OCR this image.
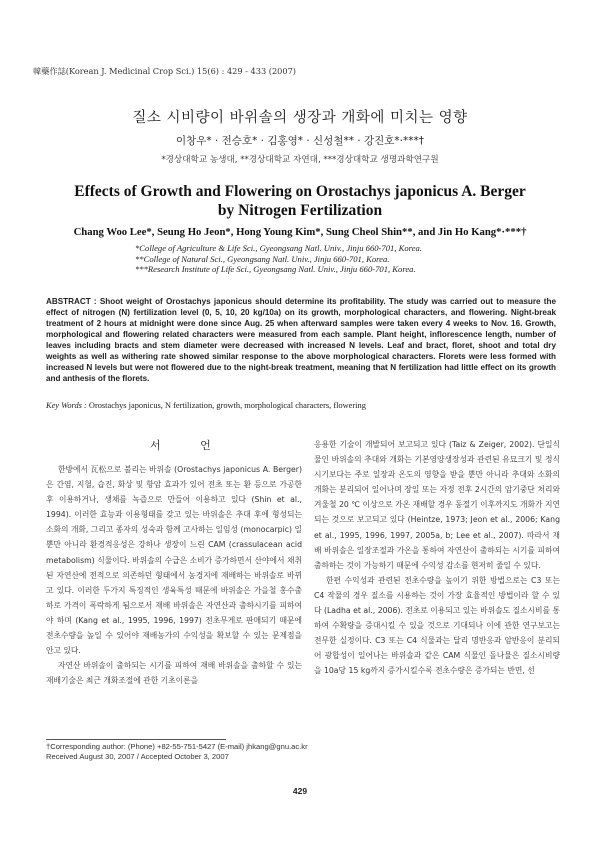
韓藥作誌(Korean J. Medicinal Crop Sci.) 15(6) : 429 - 433 (2007)
질소 시비량이 바위솔의 생장과 개화에 미치는 영향
이창우* · 전승호* · 김홍영* · 신성철** · 강진호*·***†
*경상대학교 농생대, **경상대학교 자연대, ***경상대학교 생명과학연구원
Effects of Growth and Flowering on Orostachys japonicus A. Berger
by Nitrogen Fertilization
Chang Woo Lee*, Seung Ho Jeon*, Hong Young Kim*, Sung Cheol Shin**, and Jin Ho Kang*·***†
*College of Agriculture & Life Sci., Gyeongsang Natl. Univ., Jinju 660-701, Korea.
**College of Natural Sci., Gyeongsang Natl. Univ., Jinju 660-701, Korea.
***Research Institute of Life Sci., Gyeongsang Natl. Univ., Jinju 660-701, Korea.
ABSTRACT : Shoot weight of Orostachys japonicus should determine its profitability. The study was carried out to measure the effect of nitrogen (N) fertilization level (0, 5, 10, 20 kg/10a) on its growth, morphological characters, and flowering. Night-break treatment of 2 hours at midnight were done since Aug. 25 when afterward samples were taken every 4 weeks to Nov. 16. Growth, morphological and flowering related characters were measured from each sample. Plant height, inflorescence length, number of leaves including bracts and stem diameter were decreased with increased N levels. Leaf and bract, floret, shoot and total dry weights as well as withering rate showed similar response to the above morphological characters. Florets were less formed with increased N levels but were not flowered due to the night-break treatment, meaning that N fertilization had little effect on its growth and anthesis of the florets.
Key Words : Orostachys japonicus, N fertilization, growth, morphological characters, flowering
서 언

한방에서 瓦松으로 불리는 바위솔 (Orostachys japonicus A. Berger)은 간염, 지혈, 습진, 화상 및 항암 효과가 있어 전초 또는 환 등으로 가공한 후 이용하거나, 생채를 녹즙으로 만들어 이용하고 있다 (Shin et al., 1994). 이러한 효능과 이용형태를 갖고 있는 바위솔은 추대 후에 형성되는 소화의 개화, 그리고 종자의 성숙과 함께 고사하는 일임성 (monocarpic) 일 뿐만 아니라 환경적응성은 강하나 생장이 느린 CAM (crassulacean acid metabolism) 식물이다. 바위솔의 수급은 소비가 증가하면서 산야에서 채취된 자연산에 전적으로 의존하던 형태에서 농경지에 재배하는 바위솔로 바뀌고 있다. 이러한 두가지 특징적인 생육특성 때문에 바위솔은 가을철 홍수출하로 가격이 폭락하게 됨으로서 재배 바위솔은 자연산과 출하시기를 피하여야 하며 (Kang et al., 1995, 1996, 1997) 전초무게로 판매되기 때문에 전초수량을 높일 수 있어야 재배농가의 수익성을 확보할 수 있는 문제점을 안고 있다.

자연산 바위솔이 출하되는 시기를 피하여 재배 바위솔을 출하할 수 있는 재배기술은 최근 개화조절에 관한 기초이론을

응용한 기술이 개발되어 보고되고 있다 (Taiz & Zeiger, 2002). 단일식물인 바위솔의 추대와 개화는 기본영양생장성과 관련된 유묘크기 및 정식시기보다는 주로 일장과 온도의 영향을 받을 뿐만 아니라 추대와 소화의 개화는 분리되어 일어나며 장일 또는 자정 전후 2시간의 암기중단 처리와 겨울철 20 ℃ 이상으로 가온 재배할 경우 동절기 이후까지도 개화가 지연되는 것으로 보고되고 있다 (Heintze, 1973; Jeon et al., 2006; Kang et al., 1995, 1996, 1997, 2005a, b; Lee et al., 2007). 따라서 재배 바위솔은 일장조절과 가온을 통하여 자연산이 출하되는 시기를 피하여 출하하는 것이 가능하기 때문에 수익성 감소를 현저히 줄일 수 있다.

한편 수익성과 관련된 전초수량을 높이기 위한 방법으로는 C3 또는 C4 작물의 경우 질소를 시용하는 것이 가장 효율적인 방법이라 할 수 있다 (Ladha et al., 2006). 전초로 이용되고 있는 바위솔도 질소시비를 통하여 수확량을 증대시킬 수 있을 것으로 기대되나 이에 관한 연구보고는 전무한 실정이다. C3 또는 C4 식물과는 달리 명반응과 암반응이 분리되어 광합성이 일어나는 바위솔과 같은 CAM 식물인 돌나물은 질소시비량을 10a당 15 kg까지 증가시킬수록 전초수량은 증가되는 반면, 선

†Corresponding author: (Phone) +82-55-751-5427 (E-mail) jhkang@gnu.ac.kr
Received August 30, 2007 / Accepted October 3, 2007
429
